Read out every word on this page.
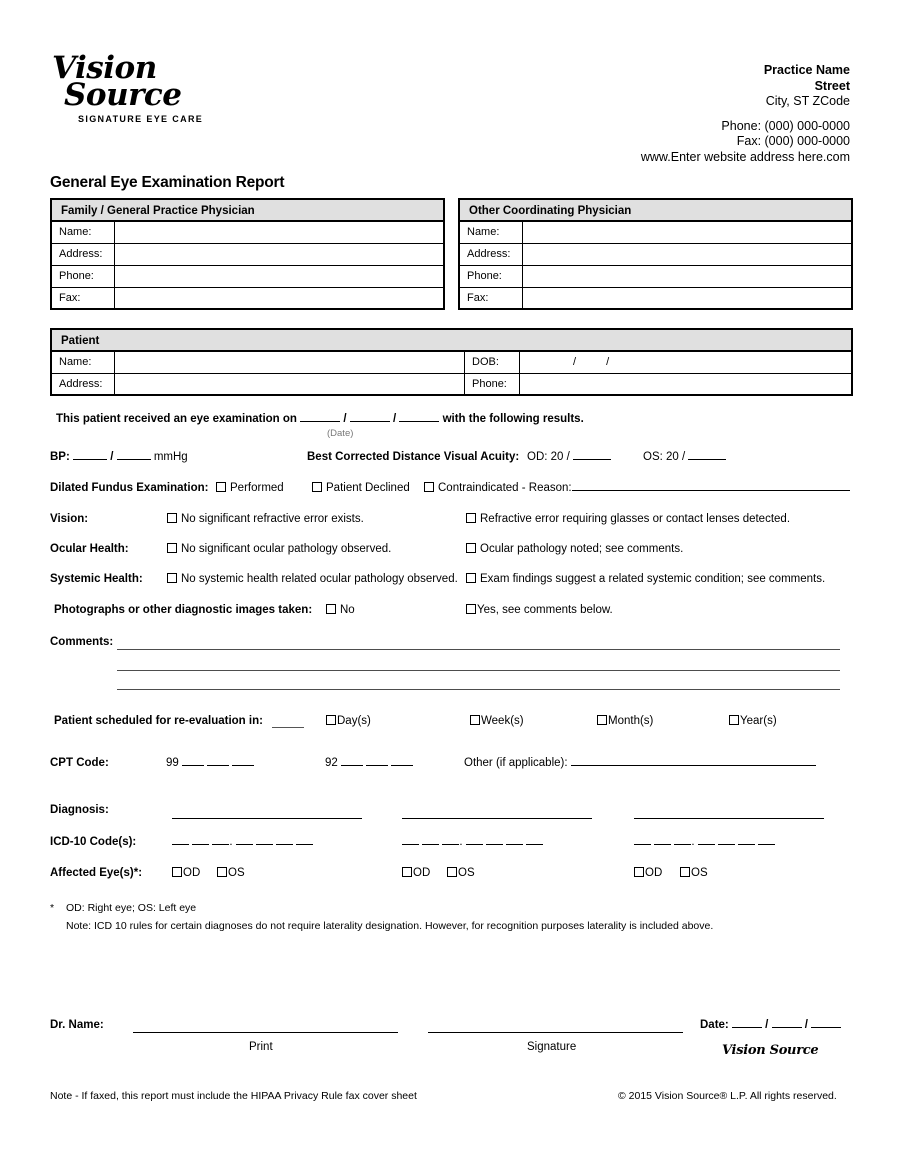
Vision
Source
SIGNATURE EYE CARE
Practice Name
Street
City, ST ZCode
Phone: (000) 000-0000
Fax: (000) 000-0000
www.Enter website address here.com
General Eye Examination Report
Family / General Practice Physician
Name:
Address:
Phone:
Fax:
Other Coordinating Physician
Name:
Address:
Phone:
Fax:
Patient
Name:	DOB:	/	/
Address:	Phone:
This patient received an eye examination on	/	/	with the following results.
(Date)
BP:	/	mmHg	Best Corrected Distance Visual Acuity: OD: 20 /	OS: 20 /
Dilated Fundus Examination:	Performed	Patient Declined	Contraindicated - Reason:
Vision:	No significant refractive error exists.	Refractive error requiring glasses or contact lenses detected.
Ocular Health:	No significant ocular pathology observed.	Ocular pathology noted; see comments.
Systemic Health:	No systemic health related ocular pathology observed.	Exam findings suggest a related systemic condition; see comments.
Photographs or other diagnostic images taken:	No	Yes, see comments below.
Comments:
Patient scheduled for re-evaluation in:	Day(s)	Week(s)	Month(s)	Year(s)
CPT Code:	99	92	Other (if applicable):
Diagnosis:
ICD-10 Code(s):	.	.	.
Affected Eye(s)*:	OD	OS	OD	OS	OD	OS
* OD: Right eye; OS: Left eye
Note: ICD 10 rules for certain diagnoses do not require laterality designation. However, for recognition purposes laterality is included above.
Dr. Name:
Print	Signature
Date:	/	/
Vision Source
Note - If faxed, this report must include the HIPAA Privacy Rule fax cover sheet	© 2015 Vision Source® L.P. All rights reserved.
